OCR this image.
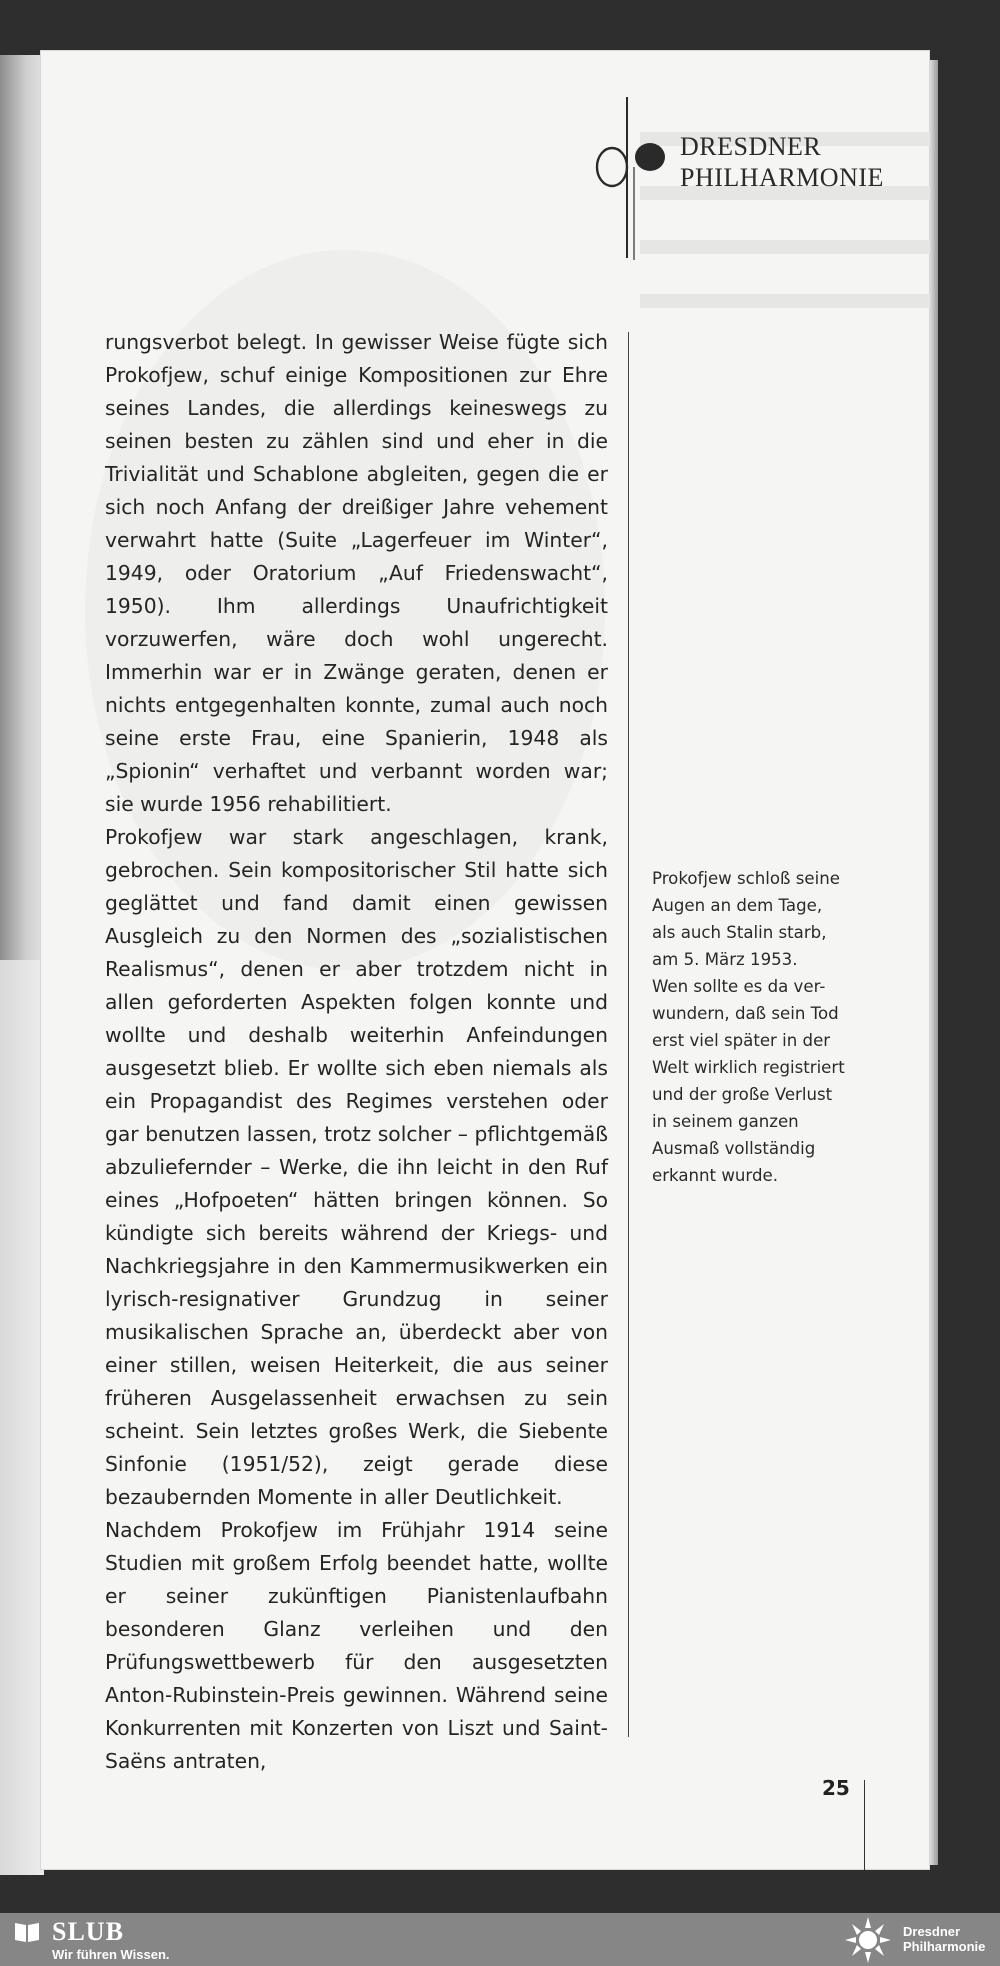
DRESDNER
PHILHARMONIE

rungsverbot belegt. In gewisser Weise fügte sich Prokofjew, schuf einige Kompositionen zur Ehre seines Landes, die allerdings keineswegs zu seinen besten zu zählen sind und eher in die Trivialität und Schablone abgleiten, gegen die er sich noch Anfang der dreißiger Jahre vehement verwahrt hatte (Suite „Lagerfeuer im Winter“, 1949, oder Oratorium „Auf Friedenswacht“, 1950). Ihm allerdings Unaufrichtigkeit vorzuwerfen, wäre doch wohl ungerecht. Immerhin war er in Zwänge geraten, denen er nichts entgegenhalten konnte, zumal auch noch seine erste Frau, eine Spanierin, 1948 als „Spionin“ verhaftet und verbannt worden war; sie wurde 1956 rehabilitiert.

Prokofjew war stark angeschlagen, krank, gebrochen. Sein kompositorischer Stil hatte sich geglättet und fand damit einen gewissen Ausgleich zu den Normen des „sozialistischen Realismus“, denen er aber trotzdem nicht in allen geforderten Aspekten folgen konnte und wollte und deshalb weiterhin Anfeindungen ausgesetzt blieb. Er wollte sich eben niemals als ein Propagandist des Regimes verstehen oder gar benutzen lassen, trotz solcher – pflichtgemäß abzuliefernder – Werke, die ihn leicht in den Ruf eines „Hofpoeten“ hätten bringen können. So kündigte sich bereits während der Kriegs- und Nachkriegsjahre in den Kammermusikwerken ein lyrisch-resignativer Grundzug in seiner musikalischen Sprache an, überdeckt aber von einer stillen, weisen Heiterkeit, die aus seiner früheren Ausgelassenheit erwachsen zu sein scheint. Sein letztes großes Werk, die Siebente Sinfonie (1951/52), zeigt gerade diese bezaubernden Momente in aller Deutlichkeit.

Nachdem Prokofjew im Frühjahr 1914 seine Studien mit großem Erfolg beendet hatte, wollte er seiner zukünftigen Pianistenlaufbahn besonderen Glanz verleihen und den Prüfungswettbewerb für den ausgesetzten Anton-Rubinstein-Preis gewinnen. Während seine Konkurrenten mit Konzerten von Liszt und Saint-Saëns antraten,

Prokofjew schloß seine
Augen an dem Tage,
als auch Stalin starb,
am 5. März 1953.
Wen sollte es da ver-
wundern, daß sein Tod
erst viel später in der
Welt wirklich registriert
und der große Verlust
in seinem ganzen
Ausmaß vollständig
erkannt wurde.
25
SLUB
Wir führen Wissen.
Dresdner
Philharmonie
